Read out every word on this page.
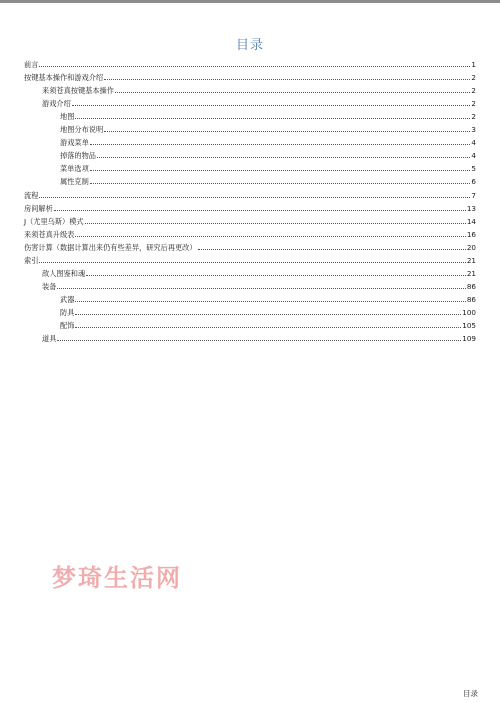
目录
前言	1
按键基本操作和游戏介绍	2
来须苍真按键基本操作	2
游戏介绍	2
地图	2
地图分布说明	3
游戏菜单	4
掉落的物品	4
菜单选项	5
属性克制	6
流程	7
房间解析	13
J（尤里乌斯）模式	14
来须苍真升级表	16
伤害计算（数据计算出来仍有些差异，研究后再更改）	20
索引	21
敌人图鉴和魂	21
装备	86
武器	86
防具	100
配饰	105
道具	109
梦琦生活网
目录
